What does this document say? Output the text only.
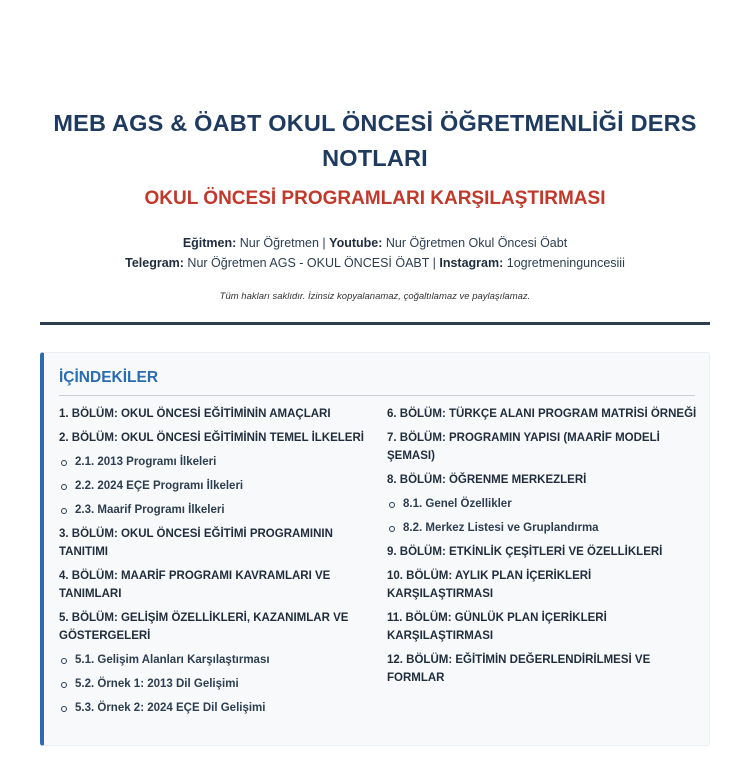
MEB AGS & ÖABT OKUL ÖNCESİ ÖĞRETMENLİĞİ DERS NOTLARI
OKUL ÖNCESİ PROGRAMLARI KARŞILAŞTIRMASI
Eğitmen: Nur Öğretmen | Youtube: Nur Öğretmen Okul Öncesi Öabt
Telegram: Nur Öğretmen AGS - OKUL ÖNCESİ ÖABT | Instagram: 1ogretmeninguncesiii
Tüm hakları saklıdır. İzinsiz kopyalanamaz, çoğaltılamaz ve paylaşılamaz.
İÇİNDEKİLER
1. BÖLÜM: OKUL ÖNCESİ EĞİTİMİNİN AMAÇLARI
2. BÖLÜM: OKUL ÖNCESİ EĞİTİMİNİN TEMEL İLKELERİ
2.1. 2013 Programı İlkeleri
2.2. 2024 EÇE Programı İlkeleri
2.3. Maarif Programı İlkeleri
3. BÖLÜM: OKUL ÖNCESİ EĞİTİMİ PROGRAMININ TANITIMI
4. BÖLÜM: MAARİF PROGRAMI KAVRAMLARI VE TANIMLARI
5. BÖLÜM: GELİŞİM ÖZELLİKLERİ, KAZANIMLAR VE GÖSTERGELERİ
5.1. Gelişim Alanları Karşılaştırması
5.2. Örnek 1: 2013 Dil Gelişimi
5.3. Örnek 2: 2024 EÇE Dil Gelişimi
6. BÖLÜM: TÜRKÇE ALANI PROGRAM MATRİSİ ÖRNEĞİ
7. BÖLÜM: PROGRAMIN YAPISI (MAARİF MODELİ ŞEMASI)
8. BÖLÜM: ÖĞRENME MERKEZLERİ
8.1. Genel Özellikler
8.2. Merkez Listesi ve Gruplandırma
9. BÖLÜM: ETKİNLİK ÇEŞİTLERİ VE ÖZELLİKLERİ
10. BÖLÜM: AYLIK PLAN İÇERİKLERİ KARŞILAŞTIRMASI
11. BÖLÜM: GÜNLÜK PLAN İÇERİKLERİ KARŞILAŞTIRMASI
12. BÖLÜM: EĞİTİMİN DEĞERLENDİRİLMESİ VE FORMLAR
